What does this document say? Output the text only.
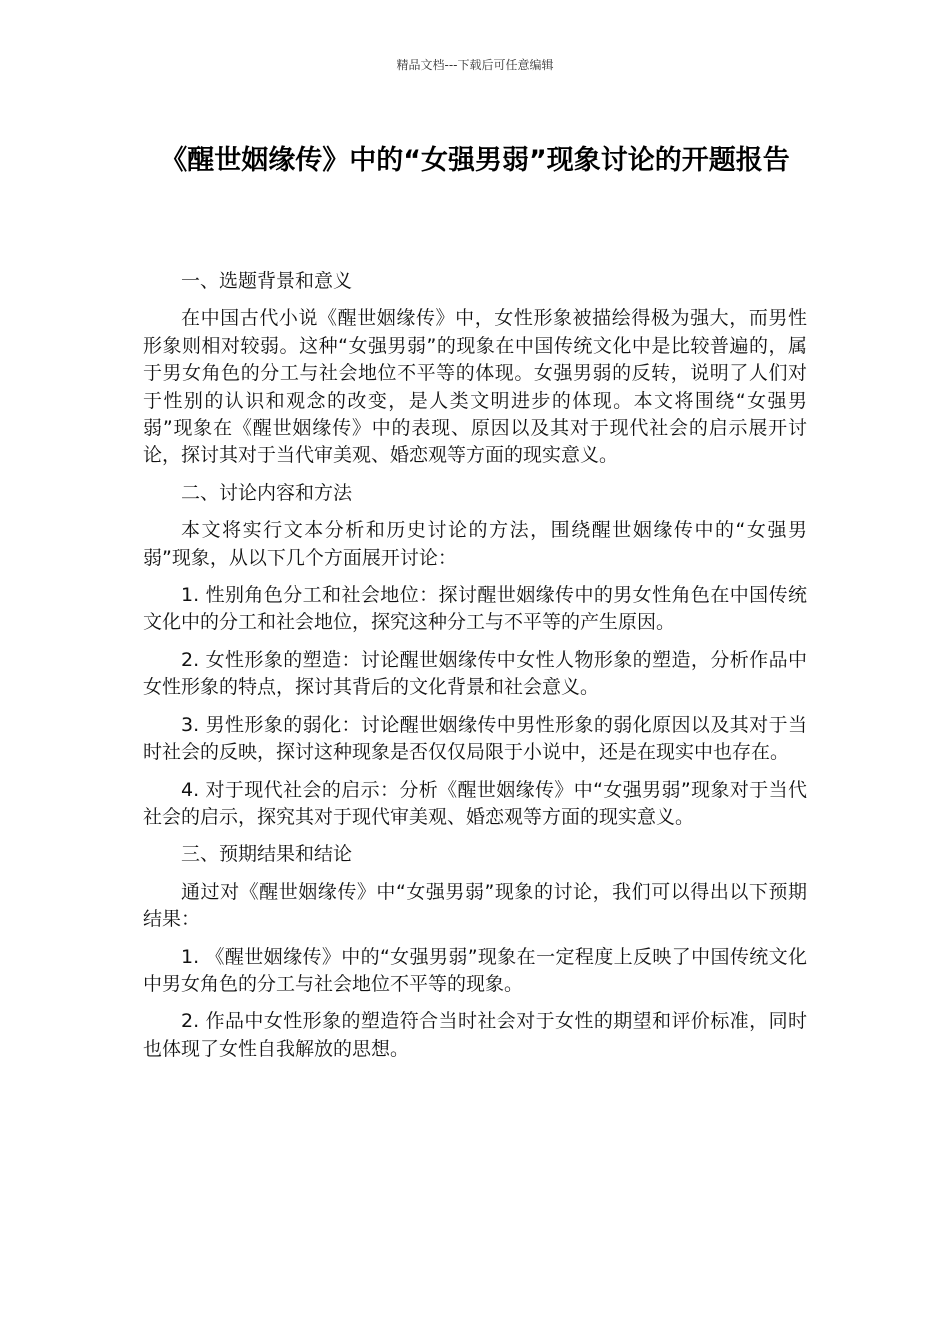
精品文档---下载后可任意编辑
《醒世姻缘传》中的“女强男弱”现象讨论的开题报告

一、选题背景和意义

在中国古代小说《醒世姻缘传》中，女性形象被描绘得极为强大，而男性形象则相对较弱。这种“女强男弱”的现象在中国传统文化中是比较普遍的，属于男女角色的分工与社会地位不平等的体现。女强男弱的反转，说明了人们对于性别的认识和观念的改变，是人类文明进步的体现。本文将围绕“女强男弱”现象在《醒世姻缘传》中的表现、原因以及其对于现代社会的启示展开讨论，探讨其对于当代审美观、婚恋观等方面的现实意义。

二、讨论内容和方法

本文将实行文本分析和历史讨论的方法，围绕醒世姻缘传中的“女强男弱”现象，从以下几个方面展开讨论：

1. 性别角色分工和社会地位：探讨醒世姻缘传中的男女性角色在中国传统文化中的分工和社会地位，探究这种分工与不平等的产生原因。

2. 女性形象的塑造：讨论醒世姻缘传中女性人物形象的塑造，分析作品中女性形象的特点，探讨其背后的文化背景和社会意义。

3. 男性形象的弱化：讨论醒世姻缘传中男性形象的弱化原因以及其对于当时社会的反映，探讨这种现象是否仅仅局限于小说中，还是在现实中也存在。

4. 对于现代社会的启示：分析《醒世姻缘传》中“女强男弱”现象对于当代社会的启示，探究其对于现代审美观、婚恋观等方面的现实意义。

三、预期结果和结论

通过对《醒世姻缘传》中“女强男弱”现象的讨论，我们可以得出以下预期结果：

1. 《醒世姻缘传》中的“女强男弱”现象在一定程度上反映了中国传统文化中男女角色的分工与社会地位不平等的现象。

2. 作品中女性形象的塑造符合当时社会对于女性的期望和评价标准，同时也体现了女性自我解放的思想。
